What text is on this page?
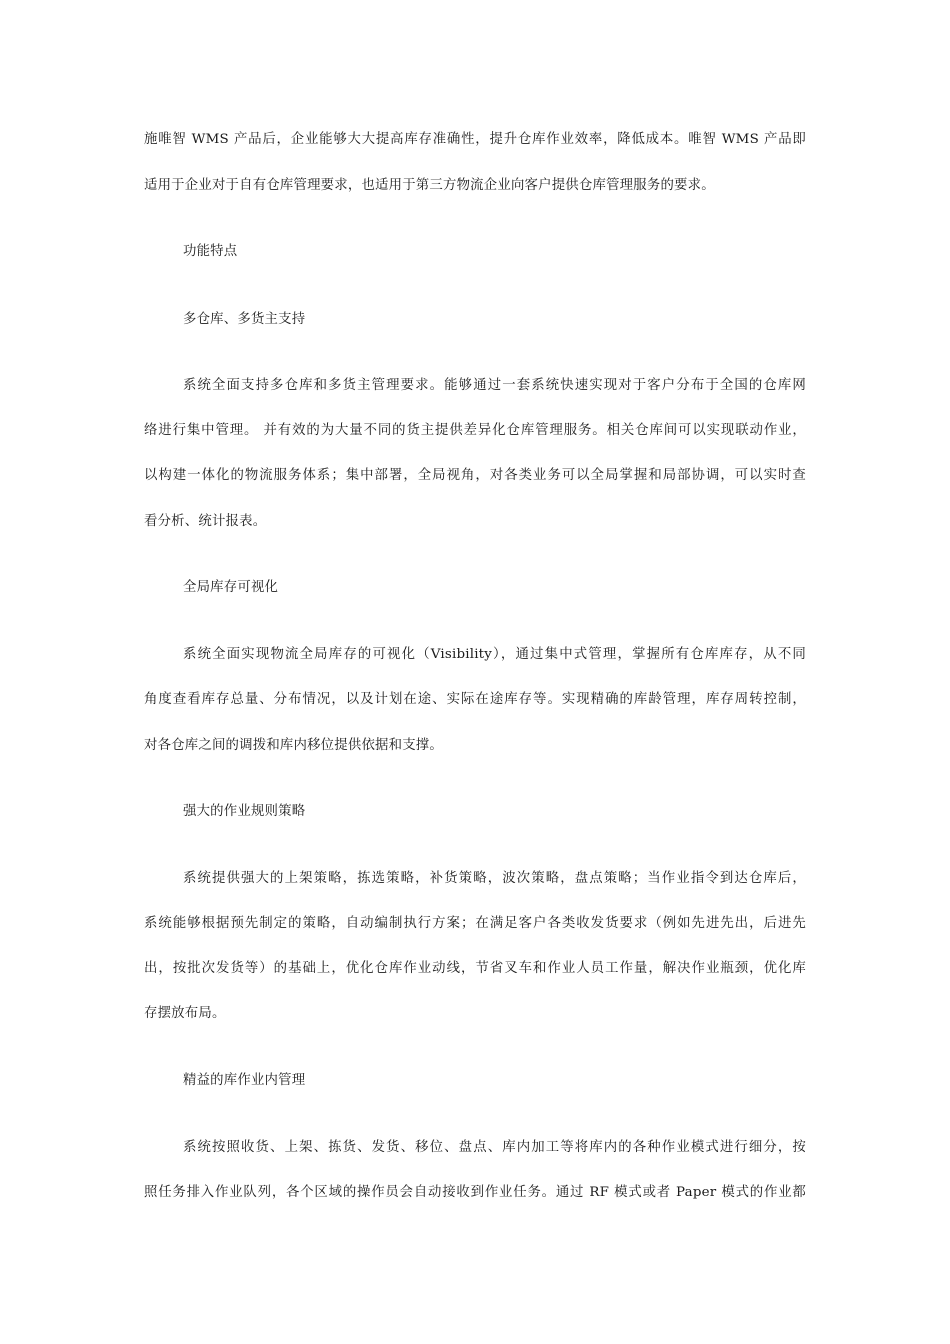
施唯智 WMS 产品后，企业能够大大提高库存准确性，提升仓库作业效率，降低成本。唯智 WMS 产品即
适用于企业对于自有仓库管理要求，也适用于第三方物流企业向客户提供仓库管理服务的要求。
功能特点
多仓库、多货主支持
系统全面支持多仓库和多货主管理要求。能够通过一套系统快速实现对于客户分布于全国的仓库网
络进行集中管理。 并有效的为大量不同的货主提供差异化仓库管理服务。相关仓库间可以实现联动作业，
以构建一体化的物流服务体系；集中部署，全局视角，对各类业务可以全局掌握和局部协调，可以实时查
看分析、统计报表。
全局库存可视化
系统全面实现物流全局库存的可视化（Visibility），通过集中式管理，掌握所有仓库库存，从不同
角度查看库存总量、分布情况，以及计划在途、实际在途库存等。实现精确的库龄管理，库存周转控制，
对各仓库之间的调拨和库内移位提供依据和支撑。
强大的作业规则策略
系统提供强大的上架策略，拣选策略，补货策略，波次策略，盘点策略；当作业指令到达仓库后，
系统能够根据预先制定的策略，自动编制执行方案；在满足客户各类收发货要求（例如先进先出，后进先
出，按批次发货等）的基础上，优化仓库作业动线，节省叉车和作业人员工作量，解决作业瓶颈，优化库
存摆放布局。
精益的库作业内管理
系统按照收货、上架、拣货、发货、移位、盘点、库内加工等将库内的各种作业模式进行细分，按
照任务排入作业队列，各个区域的操作员会自动接收到作业任务。通过 RF 模式或者 Paper 模式的作业都
